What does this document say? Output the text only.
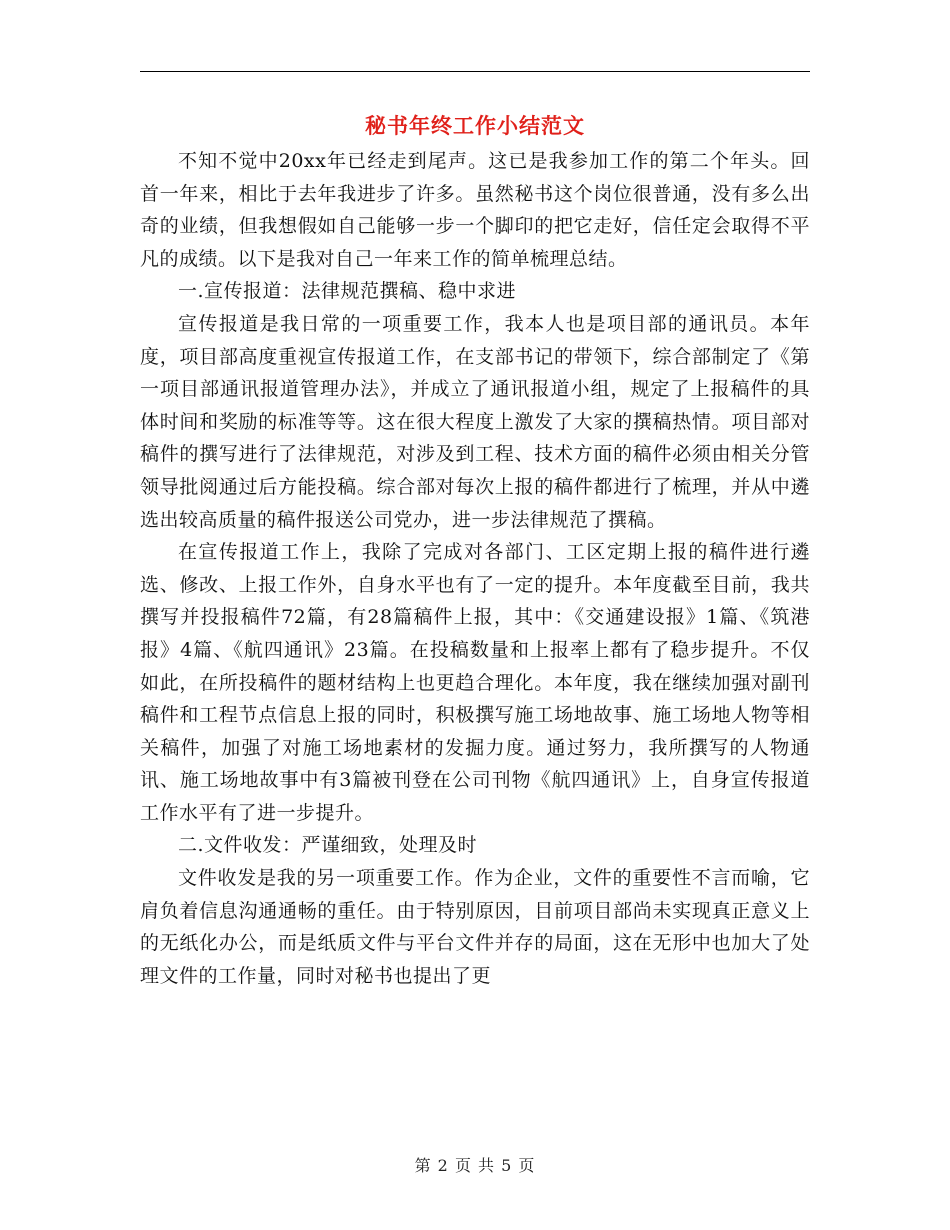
秘书年终工作小结范文

不知不觉中20xx年已经走到尾声。这已是我参加工作的第二个年头。回首一年来，相比于去年我进步了许多。虽然秘书这个岗位很普通，没有多么出奇的业绩，但我想假如自己能够一步一个脚印的把它走好，信任定会取得不平凡的成绩。以下是我对自己一年来工作的简单梳理总结。

一.宣传报道：法律规范撰稿、稳中求进

宣传报道是我日常的一项重要工作，我本人也是项目部的通讯员。本年度，项目部高度重视宣传报道工作，在支部书记的带领下，综合部制定了《第一项目部通讯报道管理办法》，并成立了通讯报道小组，规定了上报稿件的具体时间和奖励的标准等等。这在很大程度上激发了大家的撰稿热情。项目部对稿件的撰写进行了法律规范，对涉及到工程、技术方面的稿件必须由相关分管领导批阅通过后方能投稿。综合部对每次上报的稿件都进行了梳理，并从中遴选出较高质量的稿件报送公司党办，进一步法律规范了撰稿。

在宣传报道工作上，我除了完成对各部门、工区定期上报的稿件进行遴选、修改、上报工作外，自身水平也有了一定的提升。本年度截至目前，我共撰写并投报稿件72篇，有28篇稿件上报，其中：《交通建设报》1篇、《筑港报》4篇、《航四通讯》23篇。在投稿数量和上报率上都有了稳步提升。不仅如此，在所投稿件的题材结构上也更趋合理化。本年度，我在继续加强对副刊稿件和工程节点信息上报的同时，积极撰写施工场地故事、施工场地人物等相关稿件，加强了对施工场地素材的发掘力度。通过努力，我所撰写的人物通讯、施工场地故事中有3篇被刊登在公司刊物《航四通讯》上，自身宣传报道工作水平有了进一步提升。

二.文件收发：严谨细致，处理及时

文件收发是我的另一项重要工作。作为企业，文件的重要性不言而喻，它肩负着信息沟通通畅的重任。由于特别原因，目前项目部尚未实现真正意义上的无纸化办公，而是纸质文件与平台文件并存的局面，这在无形中也加大了处理文件的工作量，同时对秘书也提出了更

第 2 页 共 5 页
